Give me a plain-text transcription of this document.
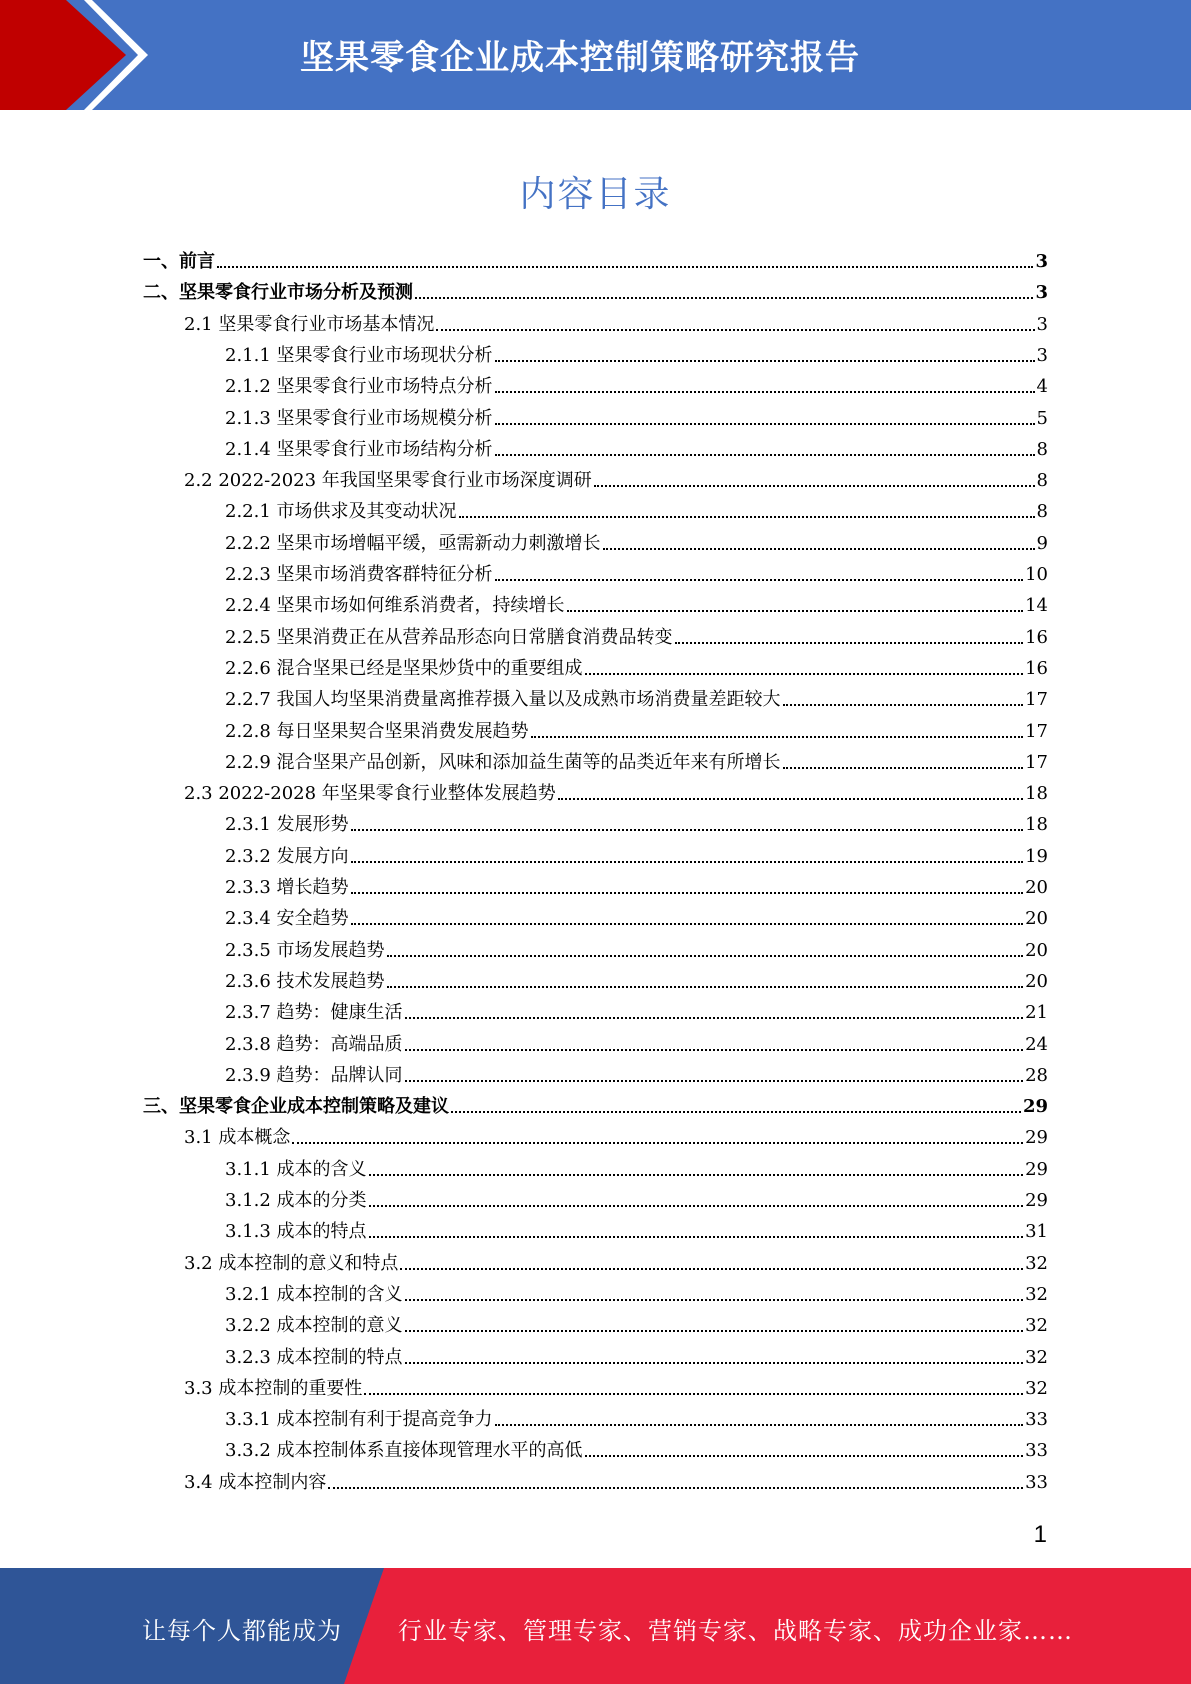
坚果零食企业成本控制策略研究报告
内容目录
一、前言	3
二、坚果零食行业市场分析及预测	3
2.1 坚果零食行业市场基本情况	3
2.1.1 坚果零食行业市场现状分析	3
2.1.2 坚果零食行业市场特点分析	4
2.1.3 坚果零食行业市场规模分析	5
2.1.4 坚果零食行业市场结构分析	8
2.2 2022-2023 年我国坚果零食行业市场深度调研	8
2.2.1 市场供求及其变动状况	8
2.2.2 坚果市场增幅平缓，亟需新动力刺激增长	9
2.2.3 坚果市场消费客群特征分析	10
2.2.4 坚果市场如何维系消费者，持续增长	14
2.2.5 坚果消费正在从营养品形态向日常膳食消费品转变	16
2.2.6 混合坚果已经是坚果炒货中的重要组成	16
2.2.7 我国人均坚果消费量离推荐摄入量以及成熟市场消费量差距较大	17
2.2.8 每日坚果契合坚果消费发展趋势	17
2.2.9 混合坚果产品创新，风味和添加益生菌等的品类近年来有所增长	17
2.3 2022-2028 年坚果零食行业整体发展趋势	18
2.3.1 发展形势	18
2.3.2 发展方向	19
2.3.3 增长趋势	20
2.3.4 安全趋势	20
2.3.5 市场发展趋势	20
2.3.6 技术发展趋势	20
2.3.7 趋势：健康生活	21
2.3.8 趋势：高端品质	24
2.3.9 趋势：品牌认同	28
三、坚果零食企业成本控制策略及建议	29
3.1 成本概念	29
3.1.1 成本的含义	29
3.1.2 成本的分类	29
3.1.3 成本的特点	31
3.2 成本控制的意义和特点	32
3.2.1 成本控制的含义	32
3.2.2 成本控制的意义	32
3.2.3 成本控制的特点	32
3.3 成本控制的重要性	32
3.3.1 成本控制有利于提高竞争力	33
3.3.2 成本控制体系直接体现管理水平的高低	33
3.4 成本控制内容	33
1
让每个人都能成为 行业专家、管理专家、营销专家、战略专家、成功企业家……
